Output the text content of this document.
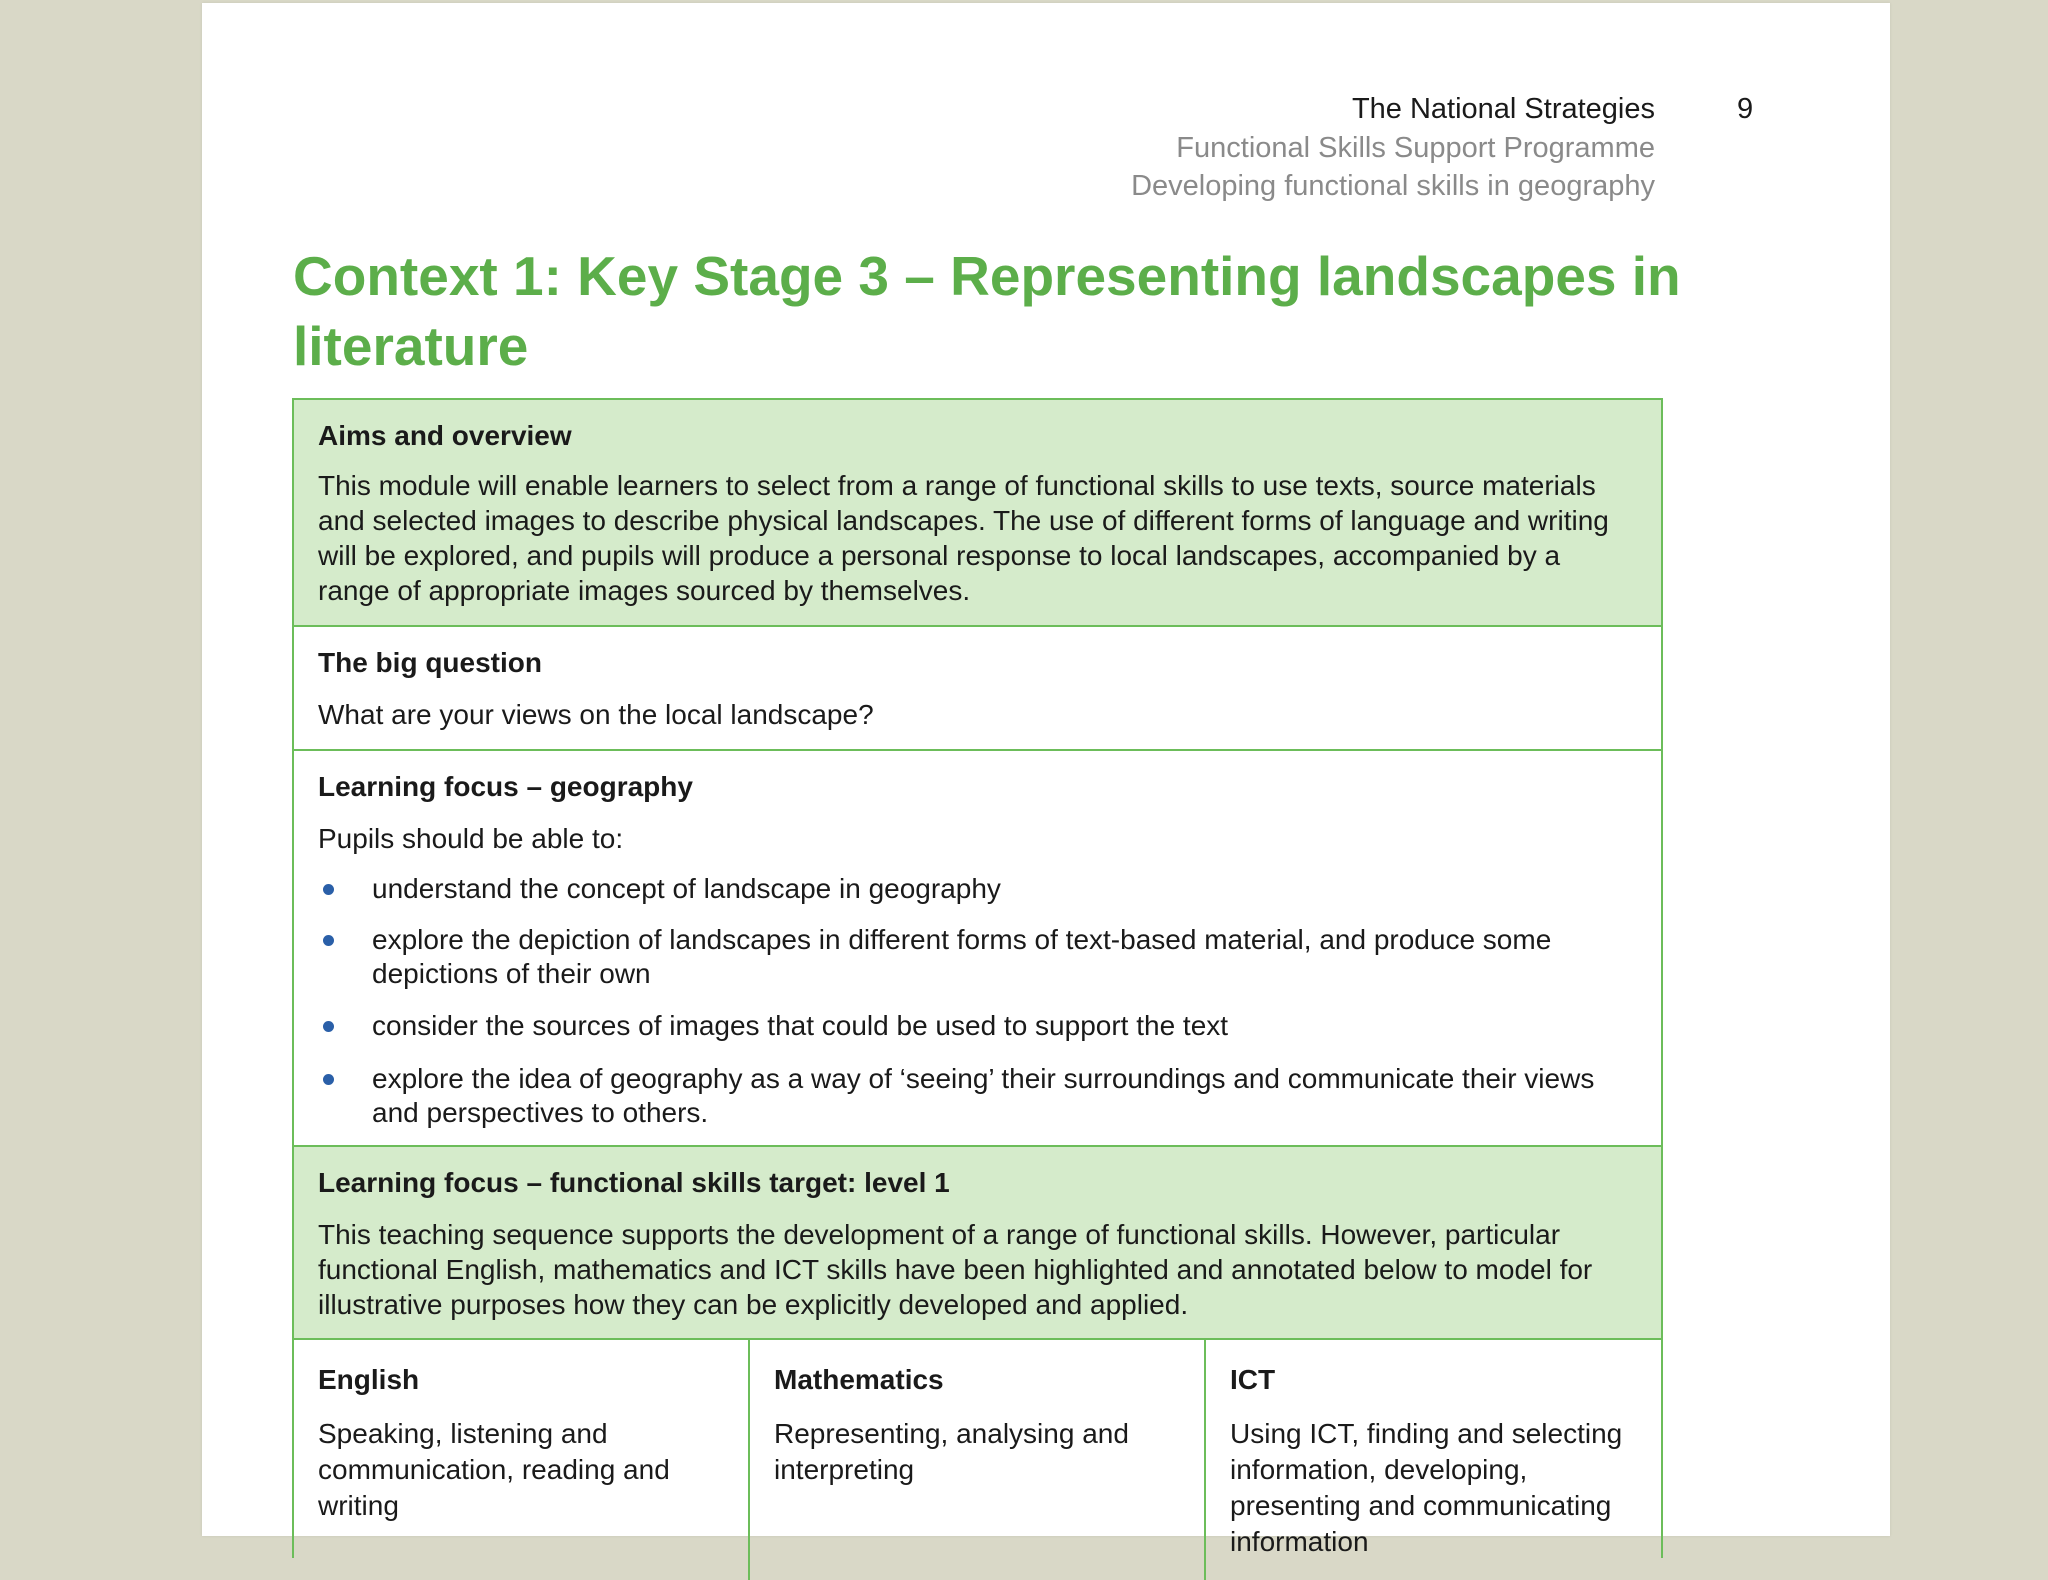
The National Strategies
Functional Skills Support Programme
Developing functional skills in geography
9
Context 1: Key Stage 3 – Representing landscapes in literature
Aims and overview
This module will enable learners to select from a range of functional skills to use texts, source materials and selected images to describe physical landscapes. The use of different forms of language and writing will be explored, and pupils will produce a personal response to local landscapes, accompanied by a range of appropriate images sourced by themselves.
The big question
What are your views on the local landscape?
Learning focus – geography
Pupils should be able to:
understand the concept of landscape in geography
explore the depiction of landscapes in different forms of text-based material, and produce some depictions of their own
consider the sources of images that could be used to support the text
explore the idea of geography as a way of ‘seeing’ their surroundings and communicate their views and perspectives to others.
Learning focus – functional skills target: level 1
This teaching sequence supports the development of a range of functional skills. However, particular functional English, mathematics and ICT skills have been highlighted and annotated below to model for illustrative purposes how they can be explicitly developed and applied.
English
Speaking, listening and communication, reading and writing
Mathematics
Representing, analysing and interpreting
ICT
Using ICT, finding and selecting information, developing, presenting and communicating information
